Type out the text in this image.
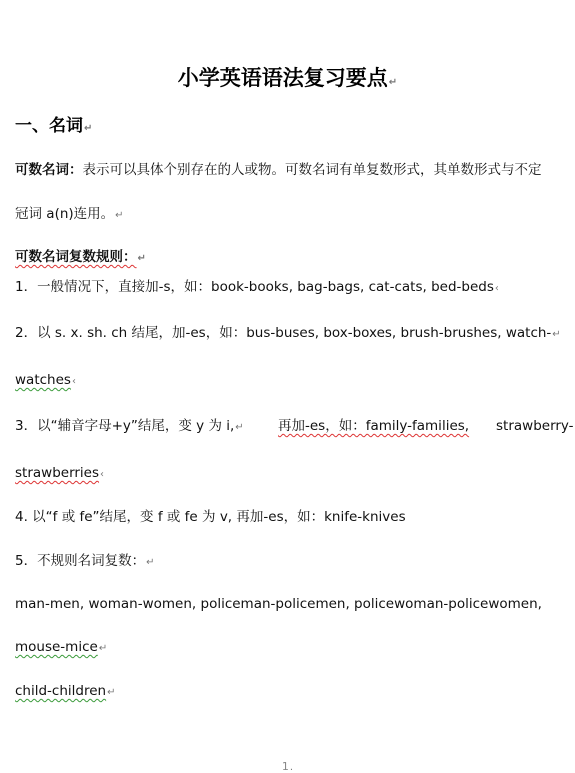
小学英语语法复习要点↵
一、名词↵
可数名词：表示可以具体个别存在的人或物。可数名词有单复数形式，其单数形式与不定
冠词 a(n)连用。↵
可数名词复数规则：↵
1．一般情况下，直接加-s，如：book-books, bag-bags, cat-cats, bed-beds‹
2．以 s. x. sh. ch 结尾，加-es，如：bus-buses, box-boxes, brush-brushes, watch-↵
watches‹
3．以“辅音字母+y”结尾，变 y 为 i,↵	再加-es，如：family-families, strawberry-
strawberries‹
4. 以“f 或 fe”结尾，变 f 或 fe 为 v, 再加-es，如：knife-knives
5．不规则名词复数：↵
man-men, woman-women, policeman-policemen, policewoman-policewomen,
mouse-mice↵
child-children↵
1.
